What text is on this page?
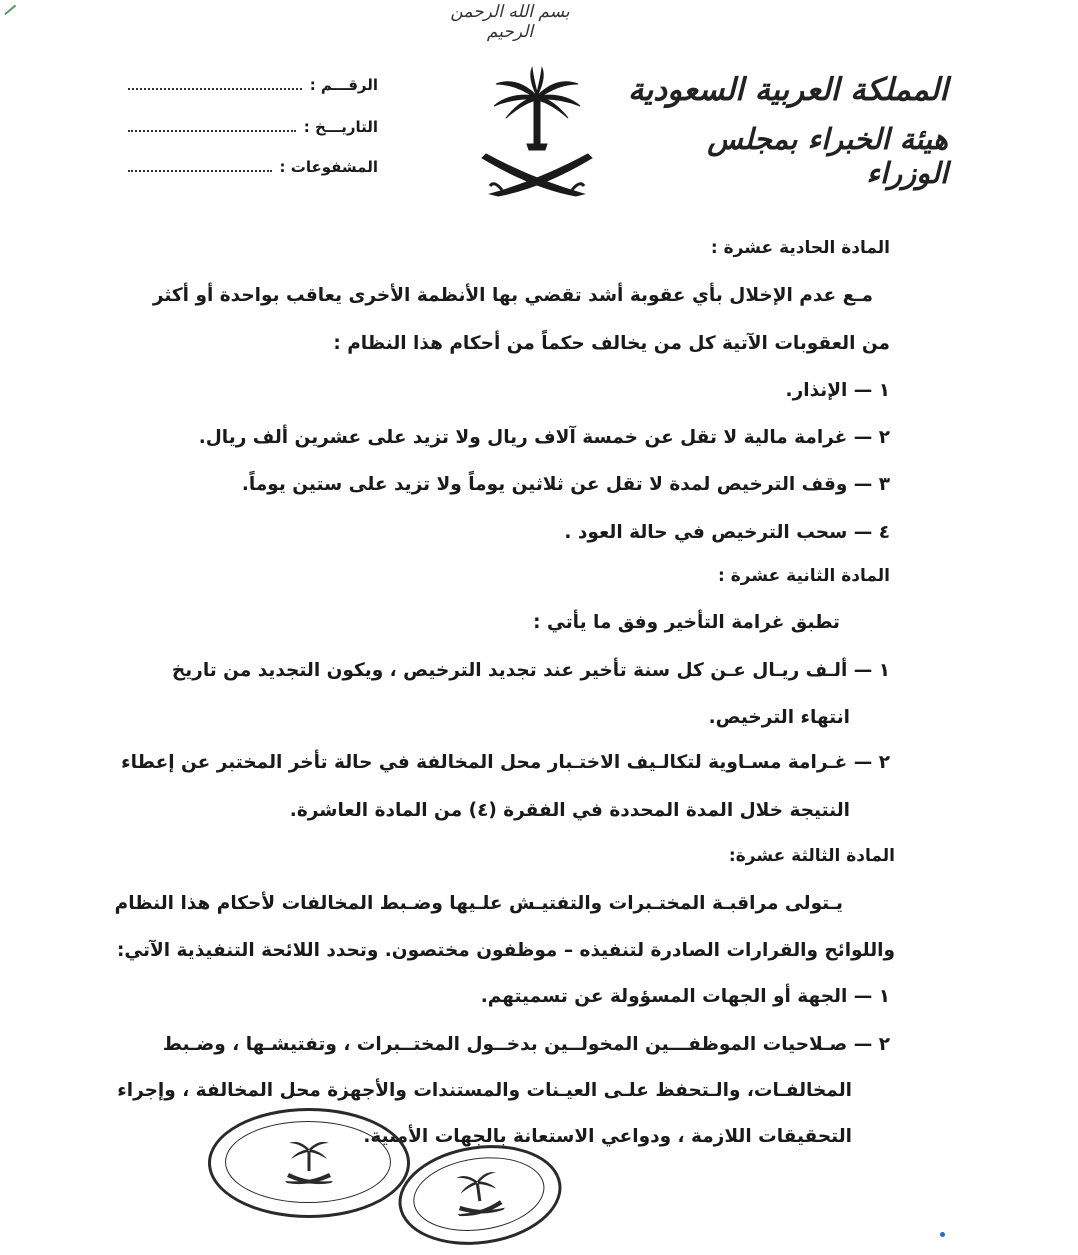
بسم الله الرحمن الرحيم
المملكة العربية السعودية
هيئة الخبراء بمجلس الوزراء
الرقـــم :
التاريـــخ :
المشفوعات :
المادة الحادية عشرة :
مـع عدم الإخلال بأي عقوبة أشد تقضي بها الأنظمة الأخرى يعاقب بواحدة أو أكثر
من العقوبات الآتية كل من يخالف حكماً من أحكام هذا النظام :
١ — الإنذار.
٢ — غرامة مالية لا تقل عن خمسة آلاف ريال ولا تزيد على عشرين ألف ريال.
٣ — وقف الترخيص لمدة لا تقل عن ثلاثين يوماً ولا تزيد على ستين يوماً.
٤ — سحب الترخيص في حالة العود .
المادة الثانية عشرة :
تطبق غرامة التأخير وفق ما يأتي :
١ — ألـف ريـال عـن كل سنة تأخير عند تجديد الترخيص ، ويكون التجديد من تاريخ
انتهاء الترخيص.
٢ — غـرامة مسـاوية لتكالـيف الاختـبار محل المخالفة في حالة تأخر المختبر عن إعطاء
النتيجة خلال المدة المحددة في الفقرة (٤) من المادة العاشرة.
المادة الثالثة عشرة:
يـتولى مراقبـة المختـبرات والتفتيـش علـيها وضـبط المخالفات لأحكام هذا النظام
واللوائح والقرارات الصادرة لتنفيذه – موظفون مختصون. وتحدد اللائحة التنفيذية الآتي:
١ — الجهة أو الجهات المسؤولة عن تسميتهم.
٢ — صـلاحيات الموظفـــين المخولــين بدخــول المختــبرات ، وتفتيشـها ، وضـبط
المخالفـات، والـتحفظ علـى العيـنات والمستندات والأجهزة محل المخالفة ، وإجراء
التحقيقات اللازمة ، ودواعي الاستعانة بالجهات الأمنية.
